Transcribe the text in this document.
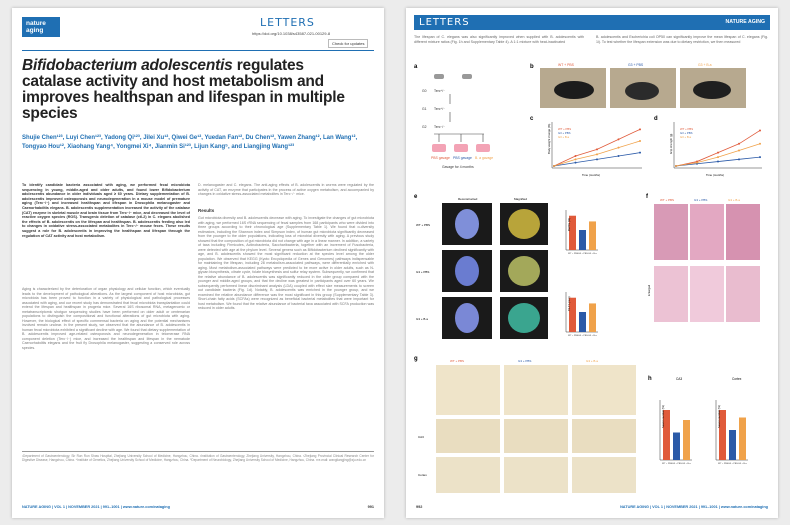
nature
aging
LETTERS
https://doi.org/10.1038/s43587-021-00129-8
Check for updates
Bifidobacterium adolescentis regulates catalase activity and host metabolism and improves healthspan and lifespan in multiple species
Shujie Chen¹²³, Luyi Chen¹²³, Yadong Qi¹²³, Jilei Xu¹², Qiwei Ge¹², Yuedan Fan¹², Du Chen¹², Yawen Zhang¹², Lan Wang¹², Tongyao Hou¹², Xiaohang Yang⁴, Yongmei Xi⁴, Jianmin Si¹²³, Lijun Kang⁵, and Liangjing Wang¹²³
To identify candidate bacteria associated with aging, we performed fecal microbiota sequencing in young, middle-aged and older adults, and found lower Bifidobacterium adolescentis abundance in older individuals aged ≥ 60 years. Dietary supplementation of B. adolescentis improved osteoporosis and neurodegeneration in a mouse model of premature aging (Terc⁻/⁻) and increased healthspan and lifespan in Drosophila melanogaster and Caenorhabditis elegans. B. adolescentis supplementation increased the activity of the catalase (CAT) enzyme in skeletal muscle and brain tissue from Terc⁻/⁻ mice, and decreased the level of reactive oxygen species (ROS). Transgenic deletion of catalase (ctl-2) in C. elegans abolished the effects of B. adolescentis on the lifespan and healthspan. B. adolescentis feeding also led to changes in oxidative stress-associated metabolites in Terc⁻/⁻ mouse feces. These results suggest a role for B. adolescentis in improving the healthspan and lifespan through the regulation of CAT activity and host metabolism.
Aging is characterized by the deterioration of organ physiology and cellular function, which eventually leads to the development of pathological alterations. As the largest component of host microbiota, gut microbiota has been proved to function in a variety of physiological and pathological processes associated with aging, and our recent study has demonstrated that fecal microbiota transplantation could extend the lifespan and healthspan in progeria mice. Several 16S ribosomal RNA, metagenomic or metatranscriptomic shotgun sequencing studies have been performed on older adult or centenarian populations to distinguish the compositional and functional alterations of gut microbiota with aging. However, the biological effect of specific commensal bacteria on aging and the potential mechanisms involved remain unclear. In the present study, we observed that the abundance of B. adolescentis in human fecal microbiota exhibited a significant decline with age. We found that dietary supplementation of B. adolescentis improved age-related osteoporosis and neurodegeneration in telomerase RNA component deletion (Terc⁻/⁻) mice, and increased the healthspan and lifespan in the nematode Caenorhabditis elegans and the fruit fly Drosophila melanogaster, suggesting a conserved role across species.
D. melanogaster and C. elegans. The anti-aging effects of B. adolescentis in worms were regulated by the activity of CAT, an enzyme that participates in the process of active oxygen metabolism, and accompanied by changes in oxidative stress-associated metabolites in Terc⁻/⁻ mice.
Results
Gut microbiota diversity and B. adolescentis decrease with aging. To investigate the changes of gut microbiota with aging, we performed 16S rRNA sequencing of fecal samples from 168 participants who were divided into three groups according to their chronological age (Supplementary Table 1). We found that α-diversity estimators, including the Shannon index and Simpson index, of human gut microbiota significantly decreased from the younger to the older populations, indicating loss of microbial diversity with aging. A previous study showed that the composition of gut microbiota did not change with age in a linear manner. In addition, a variety of taxa including Firmicutes, Actinobacteria, Saccharibacteria, together with an increment of Fusobacteria, were detected with age at the phylum level. Several genera such as Bifidobacterium declined significantly with age, and B. adolescentis showed the most significant reduction at the species level among the older population. We observed that KEGG (Kyoto Encyclopedia of Genes and Genomes) pathways indispensable for maintaining the lifespan, including 28 metabolism-associated pathways, were differentially enriched with aging. Most metabolism-associated pathways were predicted to be more active in older adults, such as N-glycan biosynthesis, citrate cycle, folate biosynthesis and sulfur relay system. Subsequently, we confirmed that the relative abundance of B. adolescentis was significantly reduced in the older group compared with the younger and middle-aged groups, and that the decline was greatest in participants aged over 60 years. We subsequently performed linear discriminant analysis (LDA) coupled with effect size measurements to screen out candidate bacteria (Fig. 1d). Notably, B. adolescentis was enriched in the younger group, and we examined the relative abundance difference was the most significant in this group (Supplementary Table 3). Short-chain fatty acids (SCFAs) were recognized as beneficial bacterial metabolites that were important for host metabolism. We found that the relative abundance of bacterial taxa associated with SCFA production was reduced in older adults.
¹Department of Gastroenterology, Sir Run Run Shaw Hospital, Zhejiang University School of Medicine, Hangzhou, China. ²Institution of Gastroenterology, Zhejiang University, Hangzhou, China. ³Zhejiang Provincial Clinical Research Center for Digestive Disease, Hangzhou, China. ⁴Institute of Genetics, Zhejiang University School of Medicine, Hangzhou, China. ⁵Department of Neurobiology, Zhejiang University School of Medicine, Hangzhou, China. ✉e-mail: wangliangjing@zju.edu.cn
NATURE AGING | VOL 1 | NOVEMBER 2021 | 991–1001 | www.nature.com/nataging	991
LETTERS	NATURE AGING
The lifespan of C. elegans was also significantly improved when supplied with B. adolescentis with different mixture ratios (Fig. 1h and Supplementary Table 4). A 1:1 mixture with heat-inactivated
B. adolescentis and Escherichia coli OP50 can significantly improve the mean lifespan of C. elegans (Fig. 1i). To test whether the lifespan extension was due to dietary restriction, we then measured
a
G0 Terc⁺/⁻
G1 Terc⁺/⁻
G2 Terc⁻/⁻
PBS gavage PBS gavage B. a gavage
Gavage for 4 months
b	WT + PBS	G3 + PBS	G3 + B.a
c
WT + PBS
G3 + PBS
G3 + B.a
Body weight change (%)
Time (months)
d
WT + PBS
G3 + PBS
G3 + B.a
Grip strength (g)
Time (months)
e	Reconstructed	Magnified
WT + PBS
G3 + PBS
G3 + B.a
WT + PBS G3 + PBS G3 + B.a
WT + PBS G3 + PBS G3 + B.a
BV/TV (%)
Tb.Th (mm)
f	WT + PBS	G3 + PBS	G3 + B.a
Enlarged
g	WT + PBS	G3 + PBS	G3 + B.a
CA3
Cortex
h	CA3	Cortex
WT + PBS G3 + PBS G3 + B.a	WT + PBS G3 + PBS G3 + B.a
Neuron number (%)	Neuron number (%)
992	NATURE AGING | VOL 1 | NOVEMBER 2021 | 991–1001 | www.nature.com/nataging
